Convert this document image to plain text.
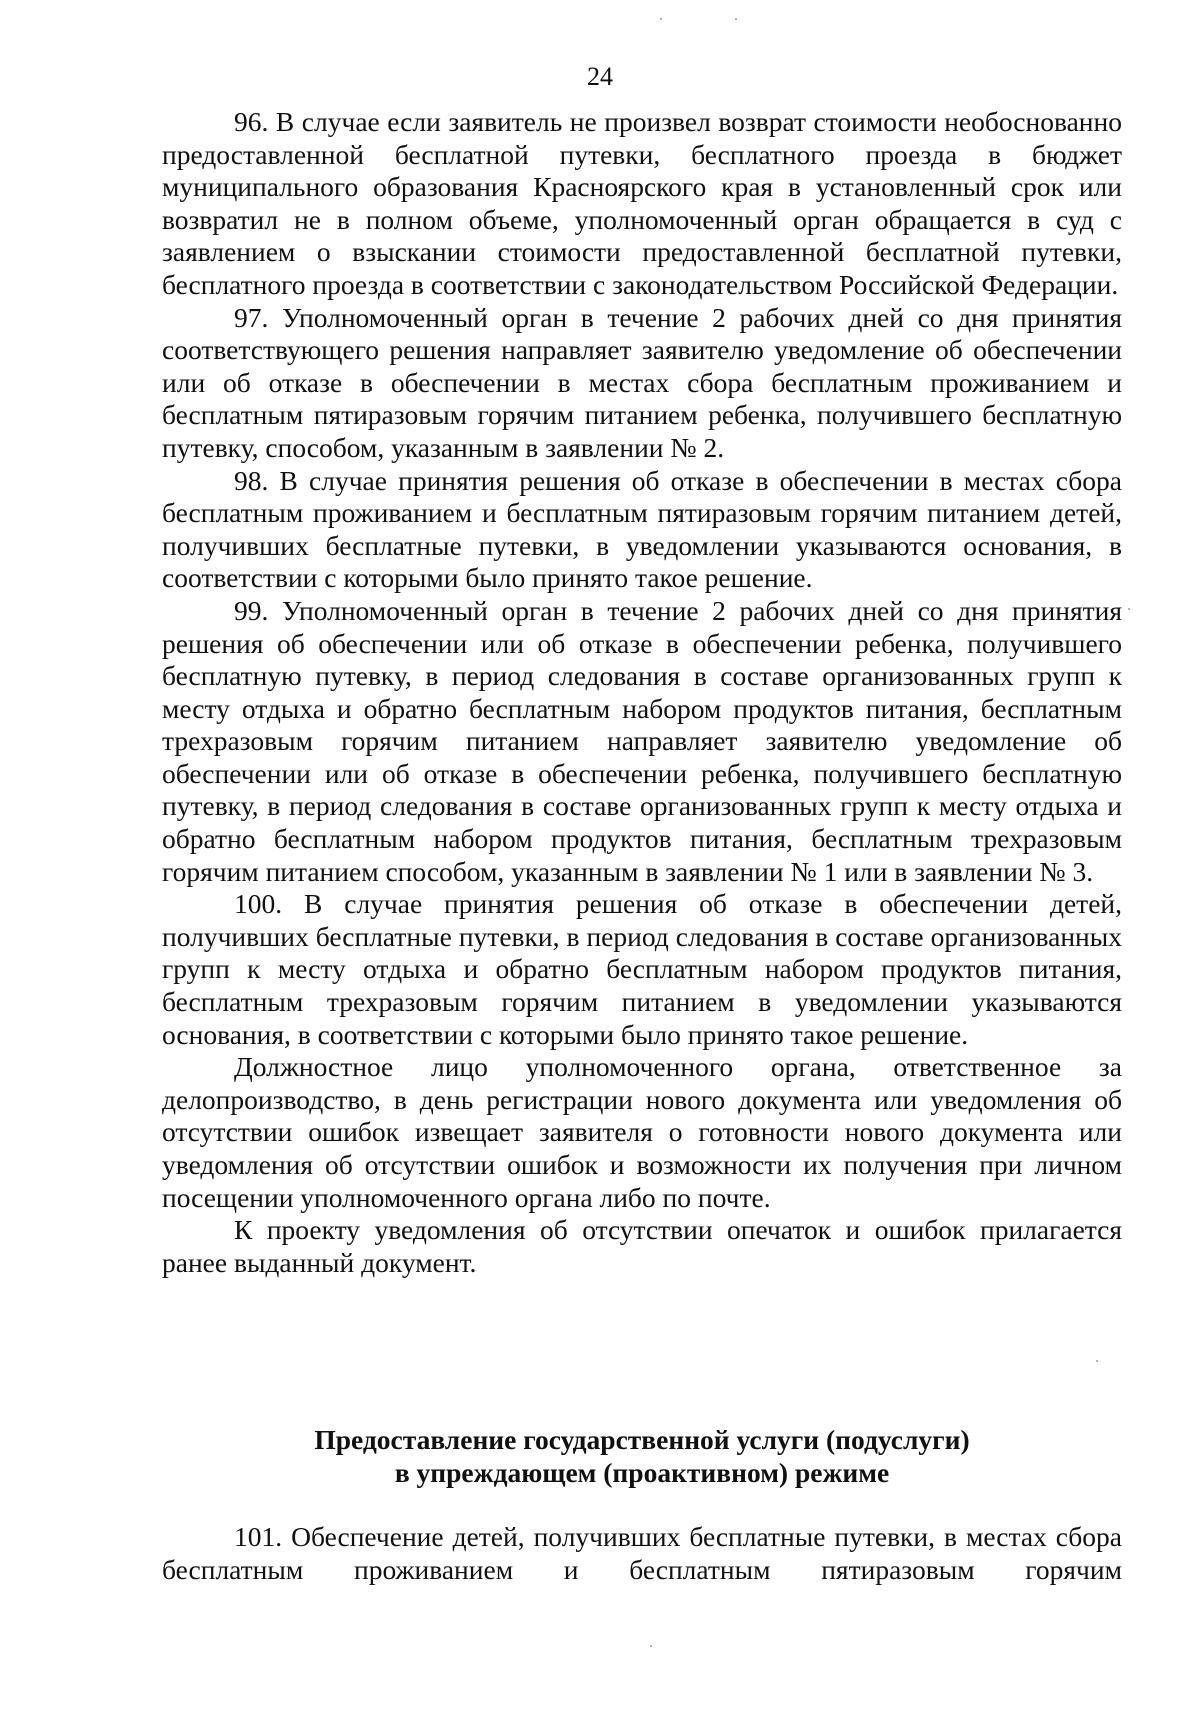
24

96. В случае если заявитель не произвел возврат стоимости необоснованно предоставленной бесплатной путевки, бесплатного проезда в бюджет муниципального образования Красноярского края в установленный срок или возвратил не в полном объеме, уполномоченный орган обращается в суд с заявлением о взыскании стоимости предоставленной бесплатной путевки, бесплатного проезда в соответствии с законодательством Российской Федерации.

97. Уполномоченный орган в течение 2 рабочих дней со дня принятия соответствующего решения направляет заявителю уведомление об обеспечении или об отказе в обеспечении в местах сбора бесплатным проживанием и бесплатным пятиразовым горячим питанием ребенка, получившего бесплатную путевку, способом, указанным в заявлении № 2.

98. В случае принятия решения об отказе в обеспечении в местах сбора бесплатным проживанием и бесплатным пятиразовым горячим питанием детей, получивших бесплатные путевки, в уведомлении указываются основания, в соответствии с которыми было принято такое решение.

99. Уполномоченный орган в течение 2 рабочих дней со дня принятия решения об обеспечении или об отказе в обеспечении ребенка, получившего бесплатную путевку, в период следования в составе организованных групп к месту отдыха и обратно бесплатным набором продуктов питания, бесплатным трехразовым горячим питанием направляет заявителю уведомление об обеспечении или об отказе в обеспечении ребенка, получившего бесплатную путевку, в период следования в составе организованных групп к месту отдыха и обратно бесплатным набором продуктов питания, бесплатным трехразовым горячим питанием способом, указанным в заявлении № 1 или в заявлении № 3.

100. В случае принятия решения об отказе в обеспечении детей, получивших бесплатные путевки, в период следования в составе организованных групп к месту отдыха и обратно бесплатным набором продуктов питания, бесплатным трехразовым горячим питанием в уведомлении указываются основания, в соответствии с которыми было принято такое решение.

Должностное лицо уполномоченного органа, ответственное за делопроизводство, в день регистрации нового документа или уведомления об отсутствии ошибок извещает заявителя о готовности нового документа или уведомления об отсутствии ошибок и возможности их получения при личном посещении уполномоченного органа либо по почте.

К проекту уведомления об отсутствии опечаток и ошибок прилагается ранее выданный документ.

Предоставление государственной услуги (подуслуги)
в упреждающем (проактивном) режиме

101. Обеспечение детей, получивших бесплатные путевки, в местах сбора бесплатным проживанием и бесплатным пятиразовым горячим
